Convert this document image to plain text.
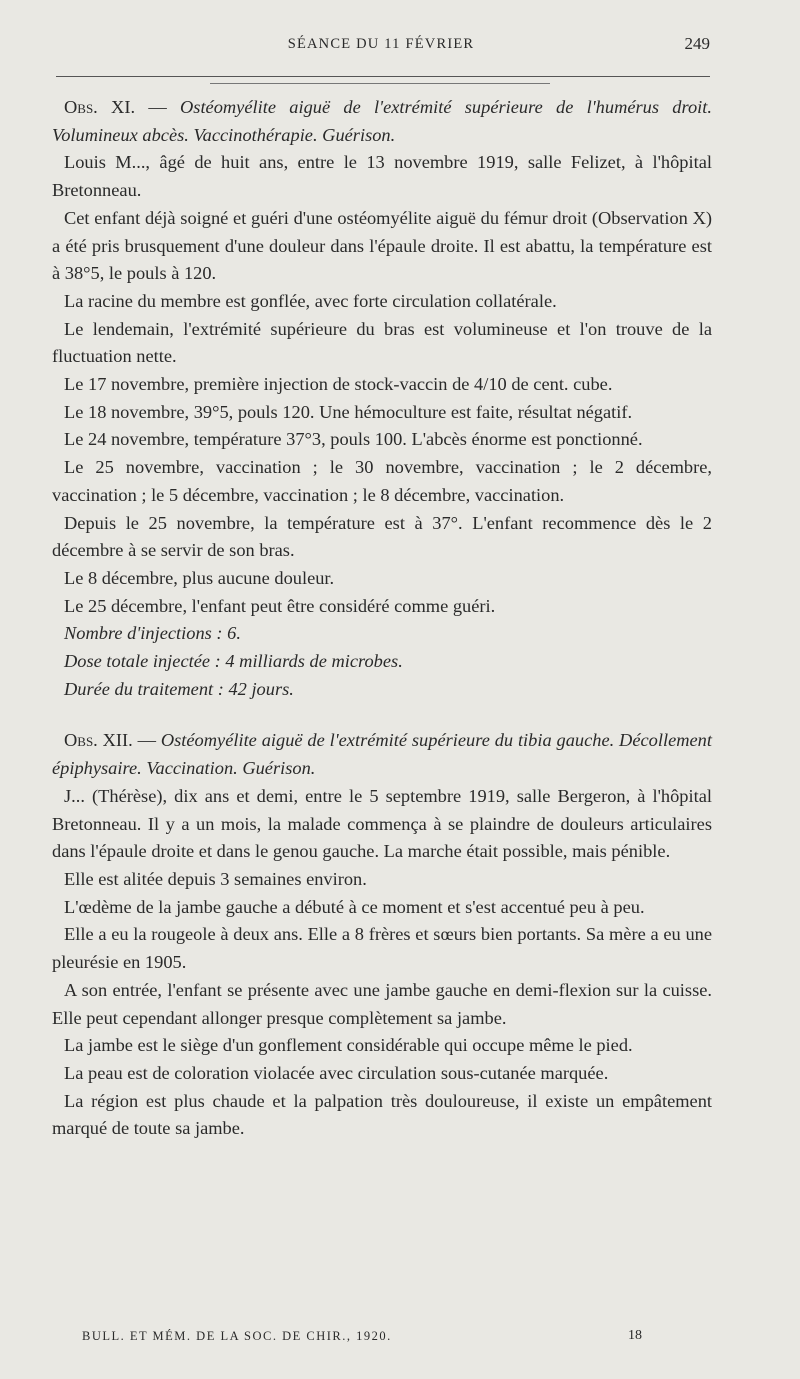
SÉANCE DU 11 FÉVRIER	249

Obs. XI. — Ostéomyélite aiguë de l'extrémité supérieure de l'humérus droit. Volumineux abcès. Vaccinothérapie. Guérison.

Louis M..., âgé de huit ans, entre le 13 novembre 1919, salle Felizet, à l'hôpital Bretonneau.

Cet enfant déjà soigné et guéri d'une ostéomyélite aiguë du fémur droit (Observation X) a été pris brusquement d'une douleur dans l'épaule droite. Il est abattu, la température est à 38°5, le pouls à 120.

La racine du membre est gonflée, avec forte circulation collatérale.

Le lendemain, l'extrémité supérieure du bras est volumineuse et l'on trouve de la fluctuation nette.

Le 17 novembre, première injection de stock-vaccin de 4/10 de cent. cube.

Le 18 novembre, 39°5, pouls 120. Une hémoculture est faite, résultat négatif.

Le 24 novembre, température 37°3, pouls 100. L'abcès énorme est ponctionné.

Le 25 novembre, vaccination ; le 30 novembre, vaccination ; le 2 décembre, vaccination ; le 5 décembre, vaccination ; le 8 décembre, vaccination.

Depuis le 25 novembre, la température est à 37°. L'enfant recommence dès le 2 décembre à se servir de son bras.

Le 8 décembre, plus aucune douleur.

Le 25 décembre, l'enfant peut être considéré comme guéri.

Nombre d'injections : 6.

Dose totale injectée : 4 milliards de microbes.

Durée du traitement : 42 jours.

Obs. XII. — Ostéomyélite aiguë de l'extrémité supérieure du tibia gauche. Décollement épiphysaire. Vaccination. Guérison.

J... (Thérèse), dix ans et demi, entre le 5 septembre 1919, salle Bergeron, à l'hôpital Bretonneau. Il y a un mois, la malade commença à se plaindre de douleurs articulaires dans l'épaule droite et dans le genou gauche. La marche était possible, mais pénible.

Elle est alitée depuis 3 semaines environ.

L'œdème de la jambe gauche a débuté à ce moment et s'est accentué peu à peu.

Elle a eu la rougeole à deux ans. Elle a 8 frères et sœurs bien portants. Sa mère a eu une pleurésie en 1905.

A son entrée, l'enfant se présente avec une jambe gauche en demi-flexion sur la cuisse. Elle peut cependant allonger presque complètement sa jambe.

La jambe est le siège d'un gonflement considérable qui occupe même le pied.

La peau est de coloration violacée avec circulation sous-cutanée marquée.

La région est plus chaude et la palpation très douloureuse, il existe un empâtement marqué de toute sa jambe.

BULL. ET MÉM. DE LA SOC. DE CHIR., 1920.	18
